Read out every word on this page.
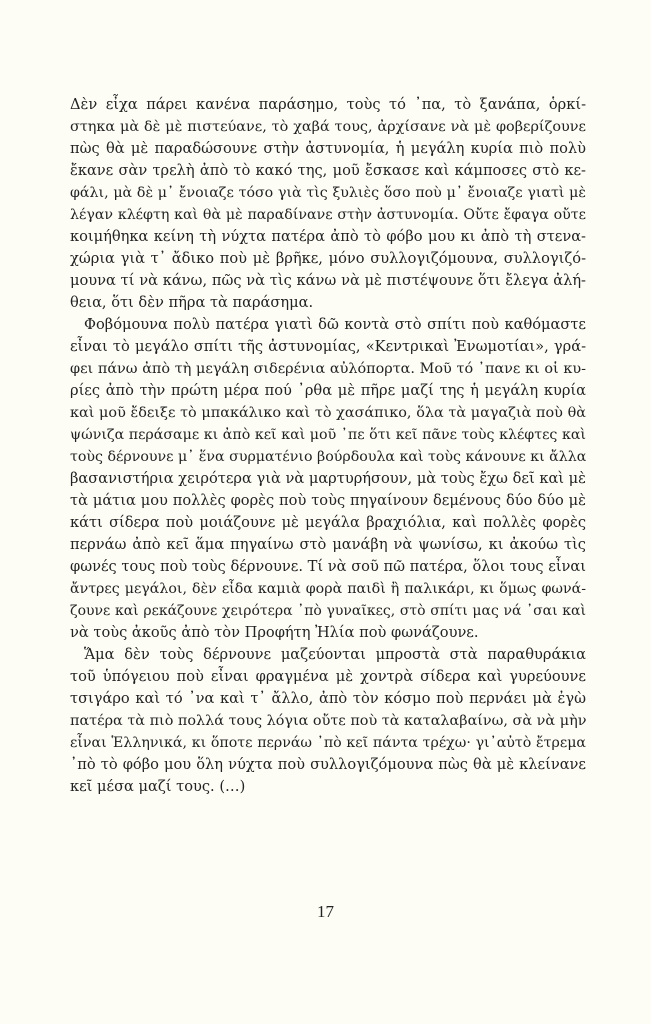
Δὲν εἶχα πάρει κανένα παράσημο, τοὺς τό ᾽πα, τὸ ξανάπα, ὁρκί-
στηκα μὰ δὲ μὲ πιστεύανε, τὸ χαβά τους, ἀρχίσανε νὰ μὲ φοβερίζουνε
πὼς θὰ μὲ παραδώσουνε στὴν ἀστυνομία, ἡ μεγάλη κυρία πιὸ πολὺ
ἔκανε σὰν τρελὴ ἀπὸ τὸ κακό της, μοῦ ἔσκασε καὶ κάμποσες στὸ κε-
φάλι, μὰ δὲ μ᾽ ἔνοιαζε τόσο γιὰ τὶς ξυλιὲς ὅσο ποὺ μ᾽ ἔνοιαζε γιατὶ μὲ
λέγαν κλέφτη καὶ θὰ μὲ παραδίνανε στὴν ἀστυνομία. Οὔτε ἔφαγα οὔτε
κοιμήθηκα κείνη τὴ νύχτα πατέρα ἀπὸ τὸ φόβο μου κι ἀπὸ τὴ στενα-
χώρια γιὰ τ᾽ ἄδικο ποὺ μὲ βρῆκε, μόνο συλλογιζόμουνα, συλλογιζό-
μουνα τί νὰ κάνω, πῶς νὰ τὶς κάνω νὰ μὲ πιστέψουνε ὅτι ἔλεγα ἀλή-
θεια, ὅτι δὲν πῆρα τὰ παράσημα.
Φοβόμουνα πολὺ πατέρα γιατὶ δῶ κοντὰ στὸ σπίτι ποὺ καθόμαστε
εἶναι τὸ μεγάλο σπίτι τῆς ἀστυνομίας, «Κεντρικαὶ Ἐνωμοτίαι», γρά-
φει πάνω ἀπὸ τὴ μεγάλη σιδερένια αὐλόπορτα. Μοῦ τό ᾽πανε κι οἱ κυ-
ρίες ἀπὸ τὴν πρώτη μέρα πού ᾽ρθα μὲ πῆρε μαζί της ἡ μεγάλη κυρία
καὶ μοῦ ἔδειξε τὸ μπακάλικο καὶ τὸ χασάπικο, ὅλα τὰ μαγαζιὰ ποὺ θὰ
ψώνιζα περάσαμε κι ἀπὸ κεῖ καὶ μοῦ ᾽πε ὅτι κεῖ πᾶνε τοὺς κλέφτες καὶ
τοὺς δέρνουνε μ᾽ ἕνα συρματένιο βούρδουλα καὶ τοὺς κάνουνε κι ἄλλα
βασανιστήρια χειρότερα γιὰ νὰ μαρτυρήσουν, μὰ τοὺς ἔχω δεῖ καὶ μὲ
τὰ μάτια μου πολλὲς φορὲς ποὺ τοὺς πηγαίνουν δεμένους δύο δύο μὲ
κάτι σίδερα ποὺ μοιάζουνε μὲ μεγάλα βραχιόλια, καὶ πολλὲς φορὲς
περνάω ἀπὸ κεῖ ἅμα πηγαίνω στὸ μανάβη νὰ ψωνίσω, κι ἀκούω τὶς
φωνές τους ποὺ τοὺς δέρνουνε. Τί νὰ σοῦ πῶ πατέρα, ὅλοι τους εἶναι
ἄντρες μεγάλοι, δὲν εἶδα καμιὰ φορὰ παιδὶ ἢ παλικάρι, κι ὅμως φωνά-
ζουνε καὶ ρεκάζουνε χειρότερα ᾽πὸ γυναῖκες, στὸ σπίτι μας νά ᾽σαι καὶ
νὰ τοὺς ἀκοῦς ἀπὸ τὸν Προφήτη Ἠλία ποὺ φωνάζουνε.
Ἅμα δὲν τοὺς δέρνουνε μαζεύονται μπροστὰ στὰ παραθυράκια
τοῦ ὑπόγειου ποὺ εἶναι φραγμένα μὲ χοντρὰ σίδερα καὶ γυρεύουνε
τσιγάρο καὶ τό ᾽να καὶ τ᾽ ἄλλο, ἀπὸ τὸν κόσμο ποὺ περνάει μὰ ἐγὼ
πατέρα τὰ πιὸ πολλά τους λόγια οὔτε ποὺ τὰ καταλαβαίνω, σὰ νὰ μὴν
εἶναι Ἑλληνικά, κι ὅποτε περνάω ᾽πὸ κεῖ πάντα τρέχω· γι᾽αὐτὸ ἔτρεμα
᾽πὸ τὸ φόβο μου ὅλη νύχτα ποὺ συλλογιζόμουνα πὼς θὰ μὲ κλείνανε
κεῖ μέσα μαζί τους. (…)
17
